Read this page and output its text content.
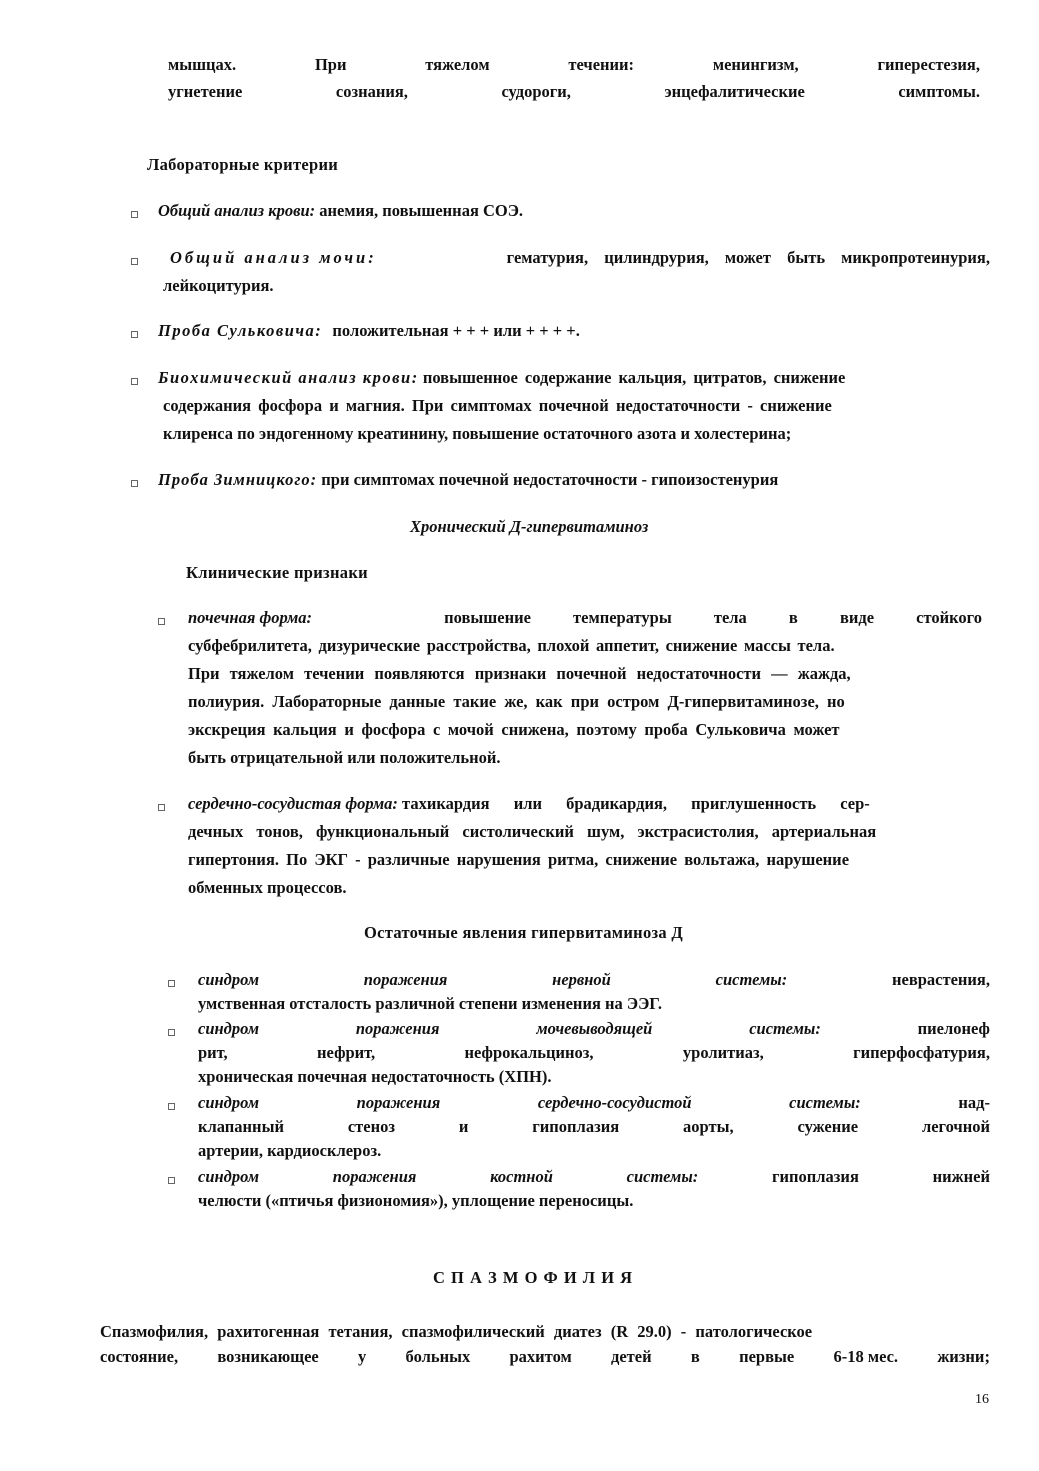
мышцах.	При	тяжелом	течении:	менингизм,	гиперестезия,
угнетение	сознания,	судороги,	энцефалитические	симптомы.
Лабораторные критерии
Общий анализ крови: анемия, повышенная СОЭ.
Общий анализ мочи:	гематурия, цилиндрурия, может быть микропротеинурия,
лейкоцитурия.
Проба Сульковича: положительная + + + или + + + +.
Биохимический анализ крови: повышенное содержание кальция, цитратов, снижение
содержания фосфора и магния. При симптомах почечной недостаточности - снижение
клиренса по эндогенному креатинину, повышение остаточного азота и холестерина;
Проба Зимницкого: при симптомах почечной недостаточности - гипоизостенурия
Хронический Д-гипервитаминоз
Клинические признаки
почечная форма:	повышение температуры тела в виде стойкого
субфебрилитета, дизурические расстройства, плохой аппетит, снижение массы тела.
При тяжелом течении появляются признаки почечной недостаточности — жажда,
полиурия. Лабораторные данные такие же, как при остром Д-гипервитаминозе, но
экскреция кальция и фосфора с мочой снижена, поэтому проба Сульковича может
быть отрицательной или положительной.
сердечно-сосудистая форма: тахикардия или брадикардия, приглушенность сер-
дечных тонов, функциональный систолический шум, экстрасистолия, артериальная
гипертония. По ЭКГ - различные нарушения ритма, снижение вольтажа, нарушение
обменных процессов.
Остаточные явления гипервитаминоза Д
синдром	поражения	нервной	системы:	неврастения,
умственная отсталость различной степени изменения на ЭЭГ.
синдром	поражения	мочевыводящей	системы:	пиелонеф
рит,	нефрит,	нефрокальциноз,	уролитиаз,	гиперфосфатурия,
хроническая почечная недостаточность (ХПН).
синдром	поражения	сердечно-сосудистой	системы:	над-
клапанный	стеноз	и	гипоплазия	аорты,	сужение	легочной
артерии, кардиосклероз.
синдром	поражения	костной	системы:	гипоплазия	нижней
челюсти («птичья физиономия»), уплощение переносицы.
С П А З М О Ф И Л И Я
Спазмофилия, рахитогенная тетания, спазмофилический диатез (R 29.0) - патологическое
состояние, возникающее у больных рахитом детей в первые 6-18 мес. жизни;
16
